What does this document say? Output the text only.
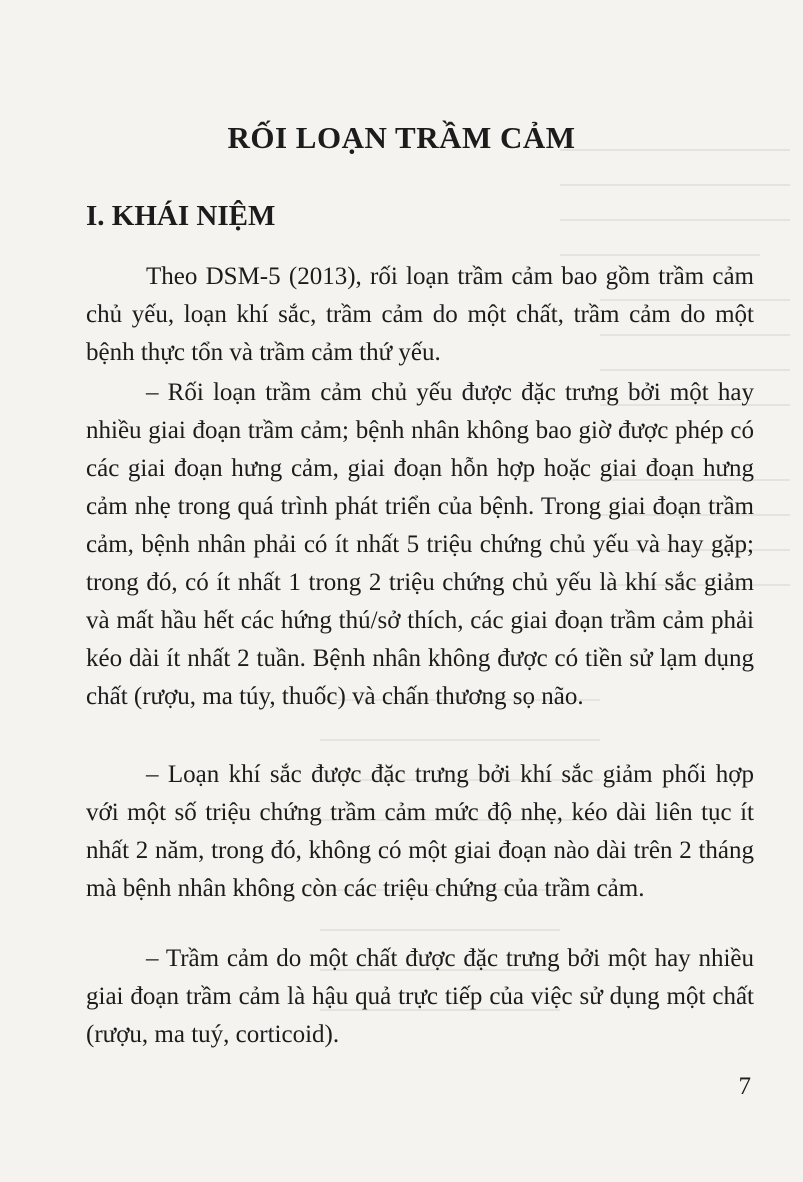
RỐI LOẠN TRẦM CẢM
I. KHÁI NIỆM

Theo DSM-5 (2013), rối loạn trầm cảm bao gồm trầm cảm chủ yếu, loạn khí sắc, trầm cảm do một chất, trầm cảm do một bệnh thực tổn và trầm cảm thứ yếu.

– Rối loạn trầm cảm chủ yếu được đặc trưng bởi một hay nhiều giai đoạn trầm cảm; bệnh nhân không bao giờ được phép có các giai đoạn hưng cảm, giai đoạn hỗn hợp hoặc giai đoạn hưng cảm nhẹ trong quá trình phát triển của bệnh. Trong giai đoạn trầm cảm, bệnh nhân phải có ít nhất 5 triệu chứng chủ yếu và hay gặp; trong đó, có ít nhất 1 trong 2 triệu chứng chủ yếu là khí sắc giảm và mất hầu hết các hứng thú/sở thích, các giai đoạn trầm cảm phải kéo dài ít nhất 2 tuần. Bệnh nhân không được có tiền sử lạm dụng chất (rượu, ma túy, thuốc) và chấn thương sọ não.

– Loạn khí sắc được đặc trưng bởi khí sắc giảm phối hợp với một số triệu chứng trầm cảm mức độ nhẹ, kéo dài liên tục ít nhất 2 năm, trong đó, không có một giai đoạn nào dài trên 2 tháng mà bệnh nhân không còn các triệu chứng của trầm cảm.

– Trầm cảm do một chất được đặc trưng bởi một hay nhiều giai đoạn trầm cảm là hậu quả trực tiếp của việc sử dụng một chất (rượu, ma tuý, corticoid).

7
